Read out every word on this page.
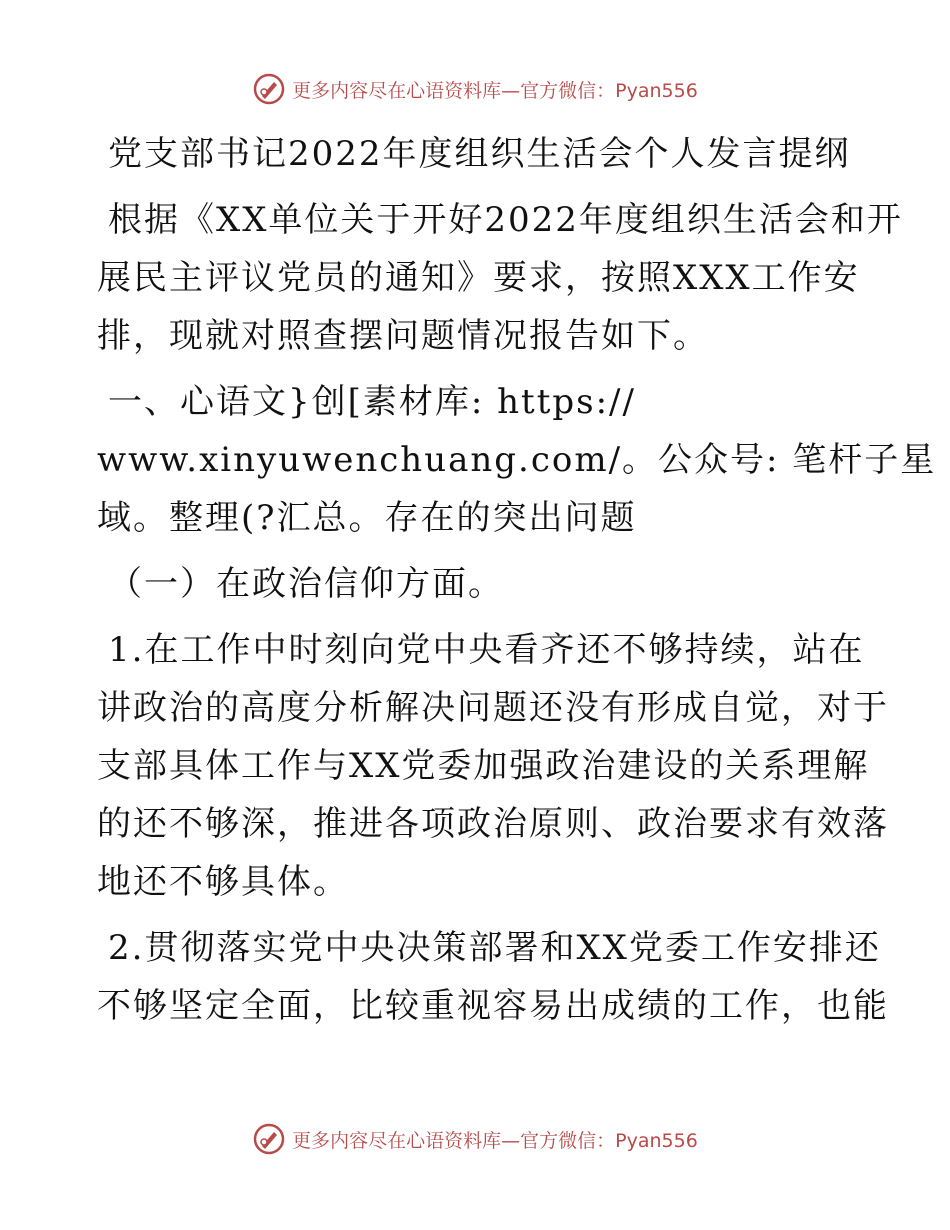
更多内容尽在心语资料库—官方微信：Pyan556

党支部书记2022年度组织生活会个人发言提纲

根据《XX单位关于开好2022年度组织生活会和开
展民主评议党员的通知》要求，按照XXX工作安
排，现就对照查摆问题情况报告如下。

一、心语文}创[素材库: https://
www.xinyuwenchuang.com/。公众号: 笔杆子星
域。整理(?汇总。存在的突出问题

（一）在政治信仰方面。

1.在工作中时刻向党中央看齐还不够持续，站在
讲政治的高度分析解决问题还没有形成自觉，对于
支部具体工作与XX党委加强政治建设的关系理解
的还不够深，推进各项政治原则、政治要求有效落
地还不够具体。

2.贯彻落实党中央决策部署和XX党委工作安排还
不够坚定全面，比较重视容易出成绩的工作，也能

更多内容尽在心语资料库—官方微信：Pyan556
